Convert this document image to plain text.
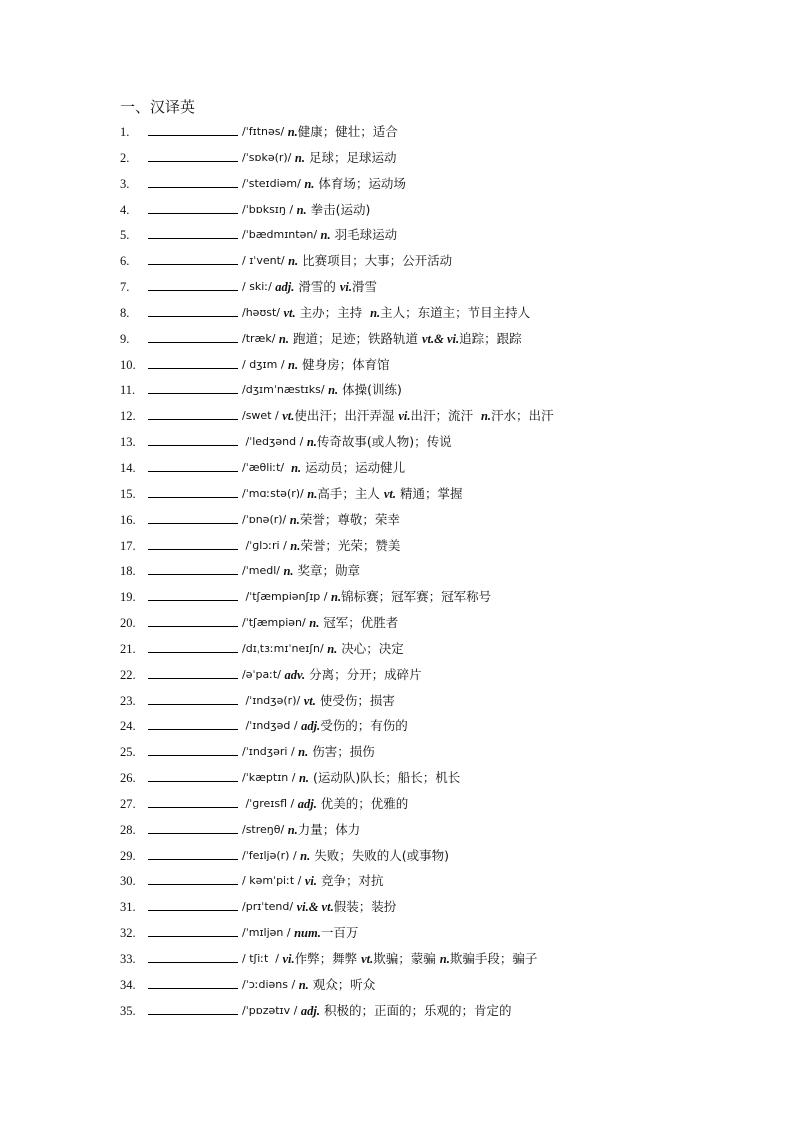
一、汉译英
1.	/ˈfɪtnəs/ n. 健康；健壮；适合
2.	/ˈsɒkə(r)/ n. 足球；足球运动
3.	/ˈsteɪdiəm/ n. 体育场；运动场
4.	/ˈbɒksɪŋ / n. 拳击(运动)
5.	/ˈbædmɪntən/ n. 羽毛球运动
6.	/ ɪˈvent/ n. 比赛项目；大事；公开活动
7.	/ skiː/ adj. 滑雪的 vi. 滑雪
8.	/həʊst/ vt. 主办；主持 n. 主人；东道主；节目主持人
9.	/træk/ n. 跑道；足迹；铁路轨道 vt.& vi. 追踪；跟踪
10.	/ dʒɪm / n. 健身房；体育馆
11.	/dʒɪmˈnæstɪks/ n. 体操(训练)
12.	/swet / vt. 使出汗；出汗弄湿 vi. 出汗；流汗 n. 汗水；出汗
13.	/ˈledʒənd / n. 传奇故事(或人物)；传说
14.	/ˈæθliːt/ n. 运动员；运动健儿
15.	/ˈmɑːstə(r)/ n. 高手；主人 vt. 精通；掌握
16.	/ˈɒnə(r)/ n. 荣誉；尊敬；荣幸
17.	/ˈɡlɔːri / n. 荣誉；光荣；赞美
18.	/ˈmedl/ n. 奖章；勋章
19.	/ˈtʃæmpiənʃɪp / n. 锦标赛；冠军赛；冠军称号
20.	/ˈtʃæmpiən/ n. 冠军；优胜者
21.	/dɪˌtɜːmɪˈneɪʃn/ n. 决心；决定
22.	/əˈpaːt/ adv. 分离；分开；成碎片
23.	/ˈɪndʒə(r)/ vt. 使受伤；损害
24.	/ˈɪndʒəd / adj. 受伤的；有伤的
25.	/ˈɪndʒəri / n. 伤害；损伤
26.	/ˈkæptɪn / n. (运动队)队长；船长；机长
27.	/ˈɡreɪsfl / adj. 优美的；优雅的
28.	/streŋθ/ n. 力量；体力
29.	/ˈfeɪljə(r) / n. 失败；失败的人(或事物)
30.	/ kəmˈpiːt / vi. 竞争；对抗
31.	/prɪˈtend/ vi.& vt. 假装；装扮
32.	/ˈmɪljən / num. 一百万
33.	/ tʃiːt  / vi. 作弊；舞弊 vt. 欺骗；蒙骗 n. 欺骗手段；骗子
34.	/ˈɔːdiəns / n. 观众；听众
35.	/ˈpɒzətɪv / adj. 积极的；正面的；乐观的；肯定的
